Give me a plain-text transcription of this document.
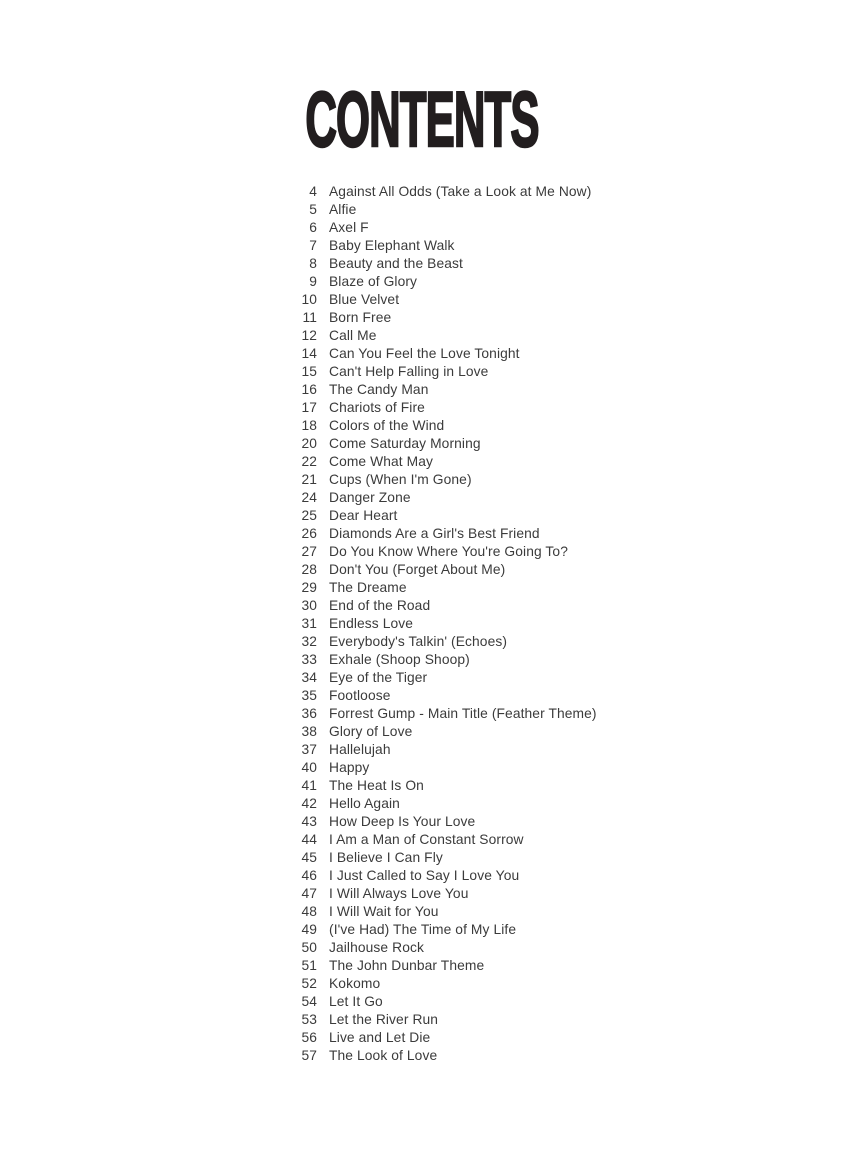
CONTENTS
4 Against All Odds (Take a Look at Me Now)
5 Alfie
6 Axel F
7 Baby Elephant Walk
8 Beauty and the Beast
9 Blaze of Glory
10 Blue Velvet
11 Born Free
12 Call Me
14 Can You Feel the Love Tonight
15 Can't Help Falling in Love
16 The Candy Man
17 Chariots of Fire
18 Colors of the Wind
20 Come Saturday Morning
22 Come What May
21 Cups (When I'm Gone)
24 Danger Zone
25 Dear Heart
26 Diamonds Are a Girl's Best Friend
27 Do You Know Where You're Going To?
28 Don't You (Forget About Me)
29 The Dreame
30 End of the Road
31 Endless Love
32 Everybody's Talkin' (Echoes)
33 Exhale (Shoop Shoop)
34 Eye of the Tiger
35 Footloose
36 Forrest Gump - Main Title (Feather Theme)
38 Glory of Love
37 Hallelujah
40 Happy
41 The Heat Is On
42 Hello Again
43 How Deep Is Your Love
44 I Am a Man of Constant Sorrow
45 I Believe I Can Fly
46 I Just Called to Say I Love You
47 I Will Always Love You
48 I Will Wait for You
49 (I've Had) The Time of My Life
50 Jailhouse Rock
51 The John Dunbar Theme
52 Kokomo
54 Let It Go
53 Let the River Run
56 Live and Let Die
57 The Look of Love
